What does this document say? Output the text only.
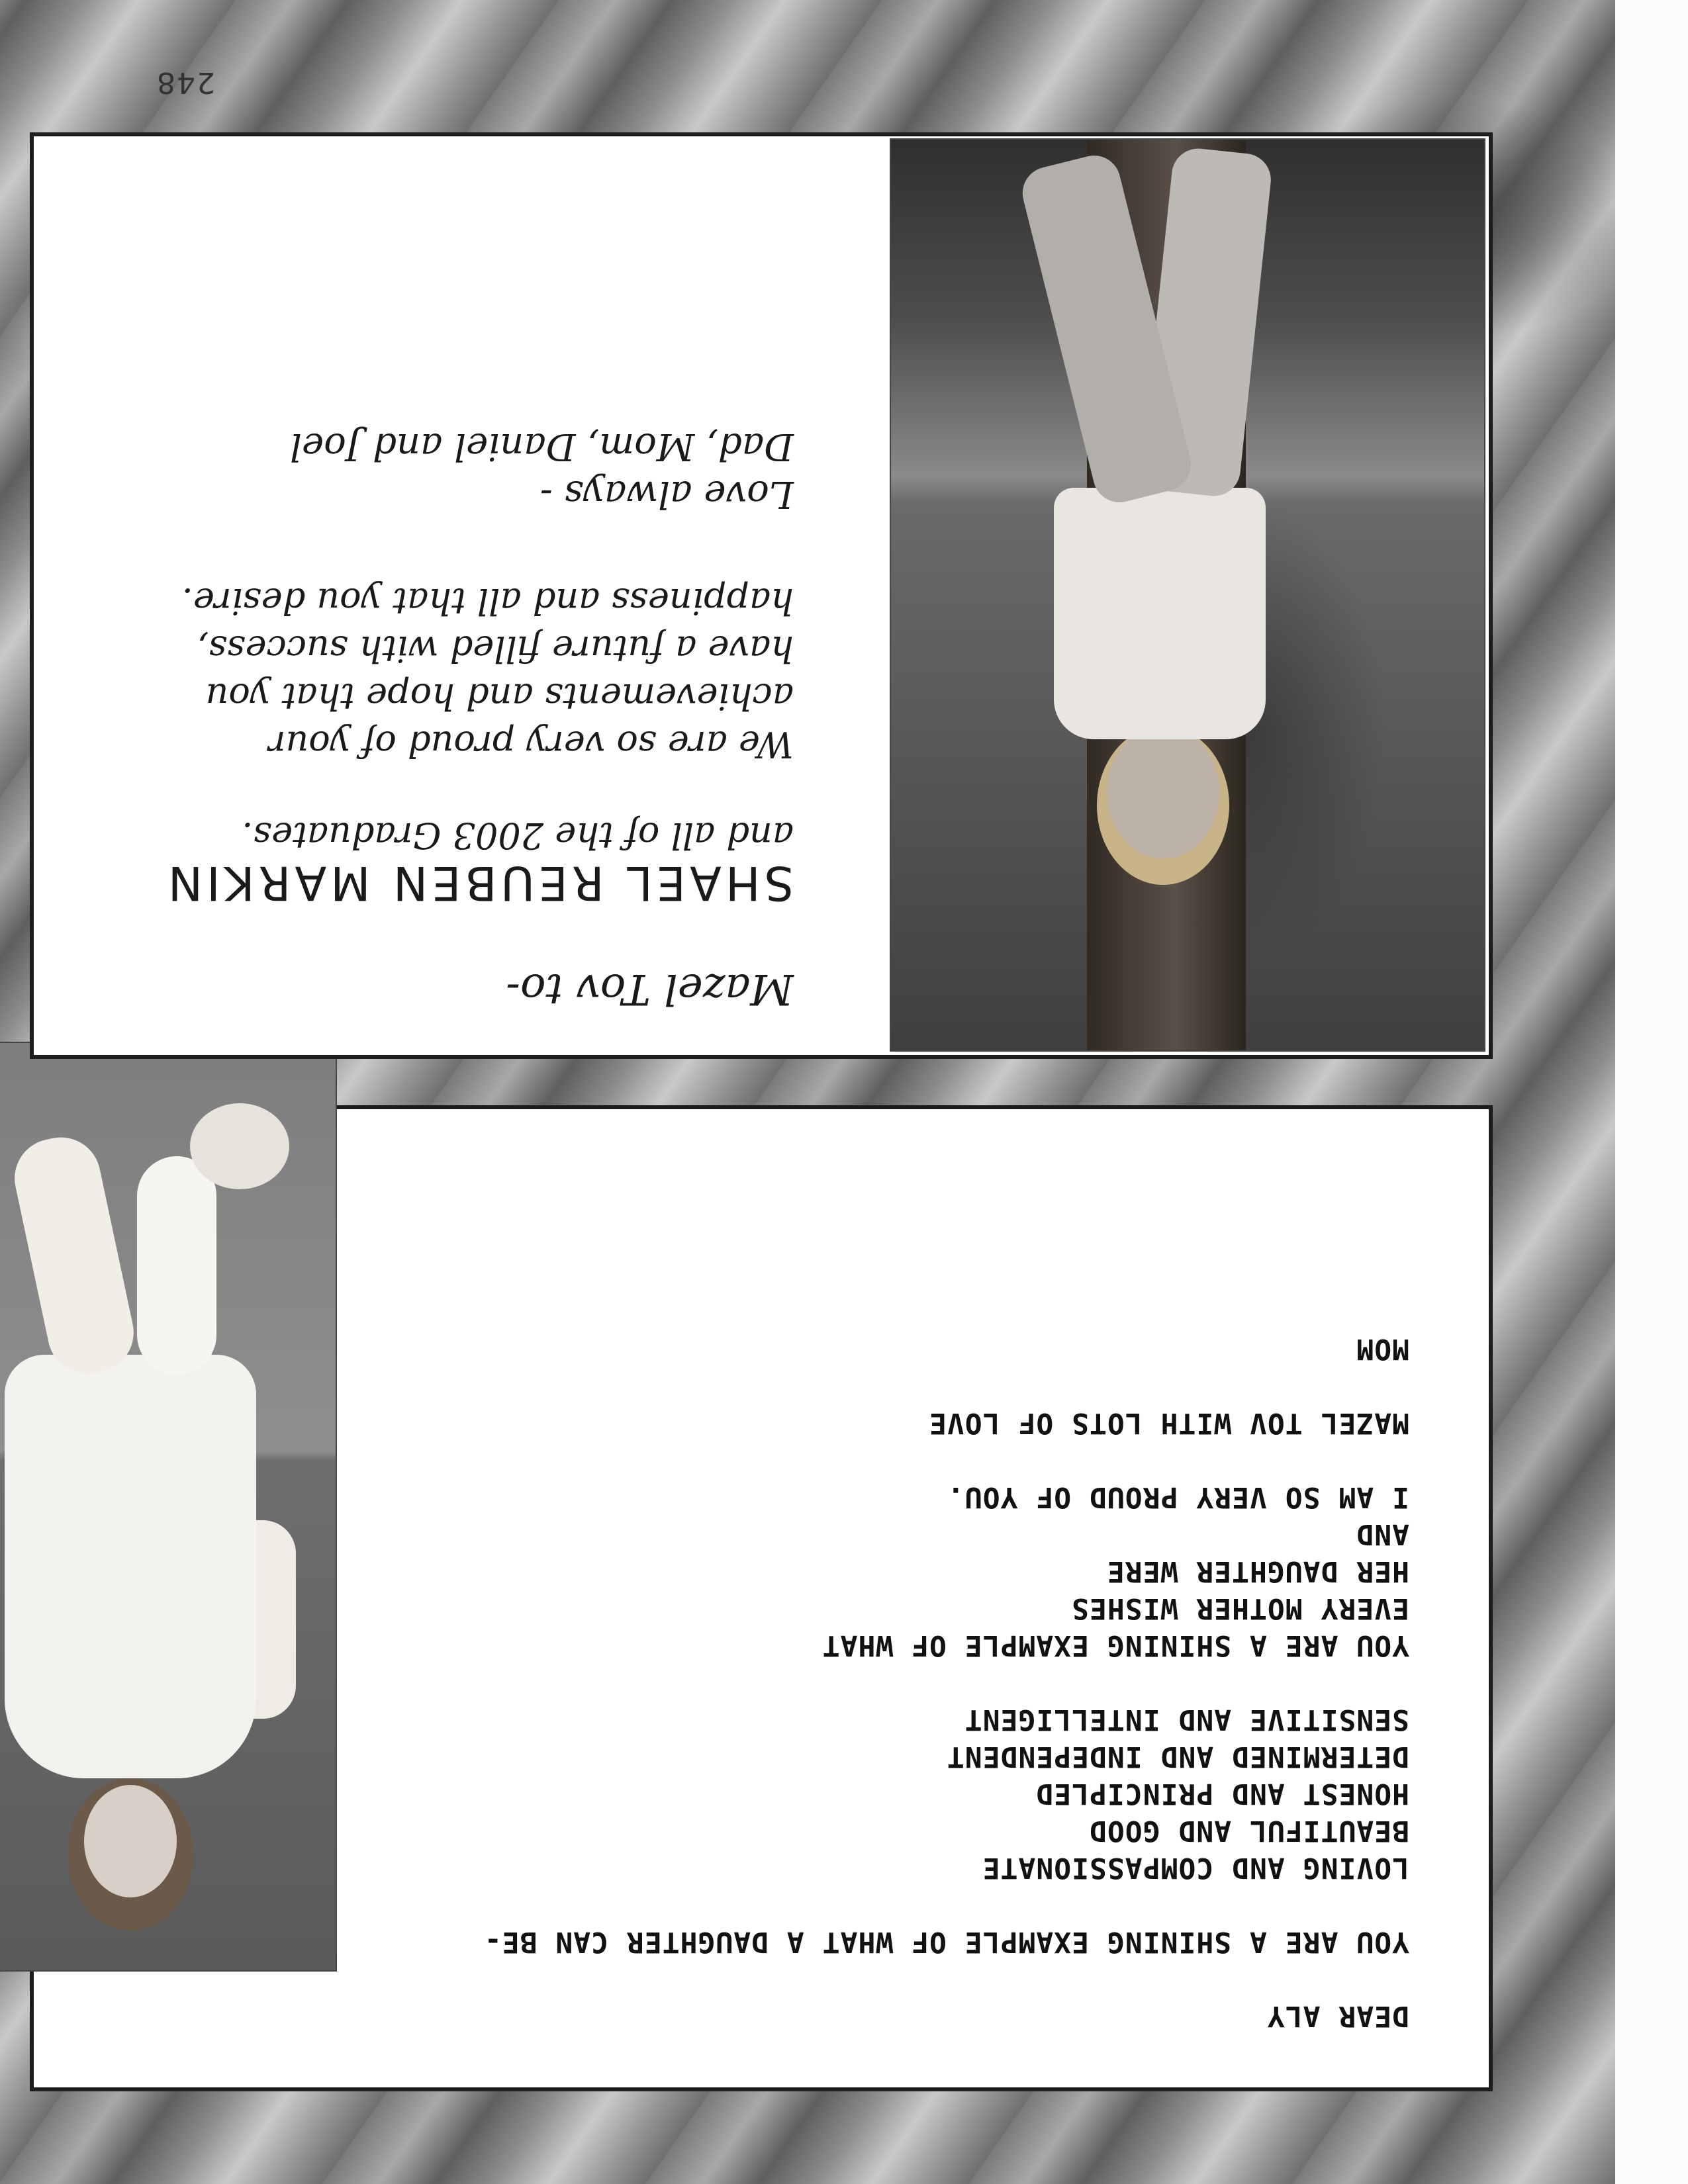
248
DEAR ALY
YOU ARE A SHINING EXAMPLE OF WHAT A DAUGHTER CAN BE-
LOVING AND COMPASSIONATE
BEAUTIFUL AND GOOD
HONEST AND PRINCIPLED
DETERMINED AND INDEPENDENT
SENSITIVE AND INTELLIGENT
YOU ARE A SHINING EXAMPLE OF WHAT
EVERY MOTHER WISHES
HER DAUGHTER WERE
AND
I AM SO VERY PROUD OF YOU.
MAZEL TOV WITH LOTS OF LOVE
MOM
Mazel Tov to-
SHAEL REUBEN MARKIN
and all of the 2003 Graduates.
We are so very proud of your
achievements and hope that you
have a future filled with success,
happiness and all that you desire.
Love always -
Dad, Mom, Daniel and Joel
